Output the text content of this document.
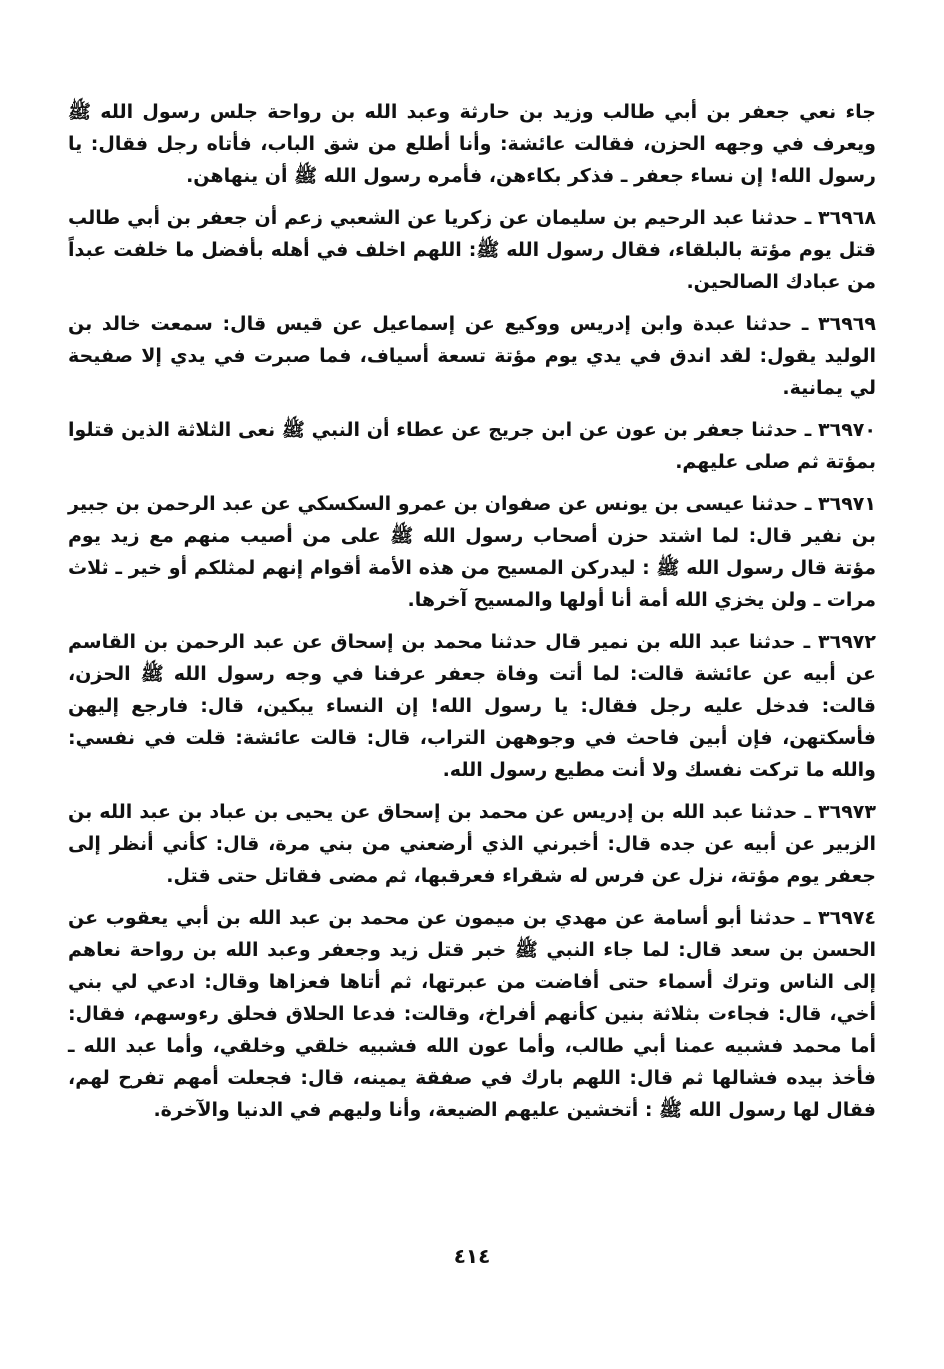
جاء نعي جعفر بن أبي طالب وزيد بن حارثة وعبد الله بن رواحة جلس رسول الله ﷺ ويعرف في وجهه الحزن، فقالت عائشة: وأنا أطلع من شق الباب، فأتاه رجل فقال: يا رسول الله! إن نساء جعفر ـ فذكر بكاءهن، فأمره رسول الله ﷺ أن ينهاهن.

٣٦٩٦٨ ـ حدثنا عبد الرحيم بن سليمان عن زكريا عن الشعبي زعم أن جعفر بن أبي طالب قتل يوم مؤتة بالبلقاء، فقال رسول الله ﷺ: اللهم اخلف في أهله بأفضل ما خلفت عبداً من عبادك الصالحين.

٣٦٩٦٩ ـ حدثنا عبدة وابن إدريس ووكيع عن إسماعيل عن قيس قال: سمعت خالد بن الوليد يقول: لقد اندق في يدي يوم مؤتة تسعة أسياف، فما صبرت في يدي إلا صفيحة لي يمانية.

٣٦٩٧٠ ـ حدثنا جعفر بن عون عن ابن جريج عن عطاء أن النبي ﷺ نعى الثلاثة الذين قتلوا بمؤتة ثم صلى عليهم.

٣٦٩٧١ ـ حدثنا عيسى بن يونس عن صفوان بن عمرو السكسكي عن عبد الرحمن بن جبير بن نفير قال: لما اشتد حزن أصحاب رسول الله ﷺ على من أصيب منهم مع زيد يوم مؤتة قال رسول الله ﷺ : ليدركن المسيح من هذه الأمة أقوام إنهم لمثلكم أو خير ـ ثلاث مرات ـ ولن يخزي الله أمة أنا أولها والمسيح آخرها.

٣٦٩٧٢ ـ حدثنا عبد الله بن نمير قال حدثنا محمد بن إسحاق عن عبد الرحمن بن القاسم عن أبيه عن عائشة قالت: لما أتت وفاة جعفر عرفنا في وجه رسول الله ﷺ الحزن، قالت: فدخل عليه رجل فقال: يا رسول الله! إن النساء يبكين، قال: فارجع إليهن فأسكتهن، فإن أبين فاحث في وجوههن التراب، قال: قالت عائشة: قلت في نفسي: والله ما تركت نفسك ولا أنت مطيع رسول الله.

٣٦٩٧٣ ـ حدثنا عبد الله بن إدريس عن محمد بن إسحاق عن يحيى بن عباد بن عبد الله بن الزبير عن أبيه عن جده قال: أخبرني الذي أرضعني من بني مرة، قال: كأني أنظر إلى جعفر يوم مؤتة، نزل عن فرس له شقراء فعرقبها، ثم مضى فقاتل حتى قتل.

٣٦٩٧٤ ـ حدثنا أبو أسامة عن مهدي بن ميمون عن محمد بن عبد الله بن أبي يعقوب عن الحسن بن سعد قال: لما جاء النبي ﷺ خبر قتل زيد وجعفر وعبد الله بن رواحة نعاهم إلى الناس وترك أسماء حتى أفاضت من عبرتها، ثم أتاها فعزاها وقال: ادعي لي بني أخي، قال: فجاءت بثلاثة بنين كأنهم أفراخ، وقالت: فدعا الحلاق فحلق رءوسهم، فقال: أما محمد فشبيه عمنا أبي طالب، وأما عون الله فشبيه خلقي وخلقي، وأما عبد الله ـ فأخذ بيده فشالها ثم قال: اللهم بارك في صفقة يمينه، قال: فجعلت أمهم تفرح لهم، فقال لها رسول الله ﷺ : أتخشين عليهم الضيعة، وأنا وليهم في الدنيا والآخرة.

٤١٤
